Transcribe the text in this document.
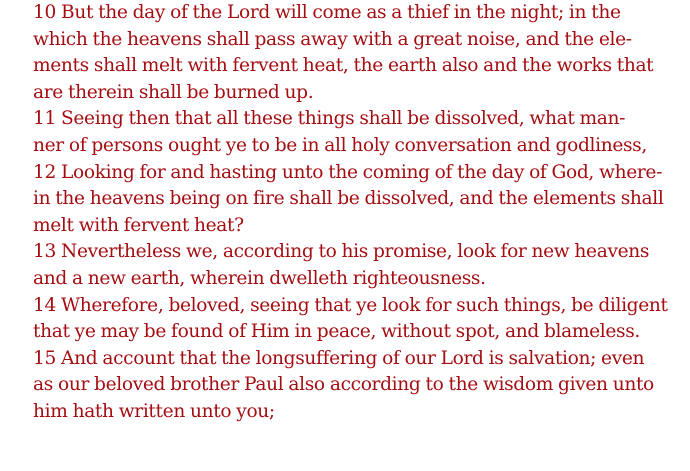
10 But the day of the Lord will come as a thief in the night; in the
which the heavens shall pass away with a great noise, and the ele-
ments shall melt with fervent heat, the earth also and the works that
are therein shall be burned up.
11 Seeing then that all these things shall be dissolved, what man-
ner of persons ought ye to be in all holy conversation and godliness,
12 Looking for and hasting unto the coming of the day of God, where-
in the heavens being on fire shall be dissolved, and the elements shall
melt with fervent heat?
13 Nevertheless we, according to his promise, look for new heavens
and a new earth, wherein dwelleth righteousness.
14 Wherefore, beloved, seeing that ye look for such things, be diligent
that ye may be found of Him in peace, without spot, and blameless.
15 And account that the longsuffering of our Lord is salvation; even
as our beloved brother Paul also according to the wisdom given unto
him hath written unto you;
